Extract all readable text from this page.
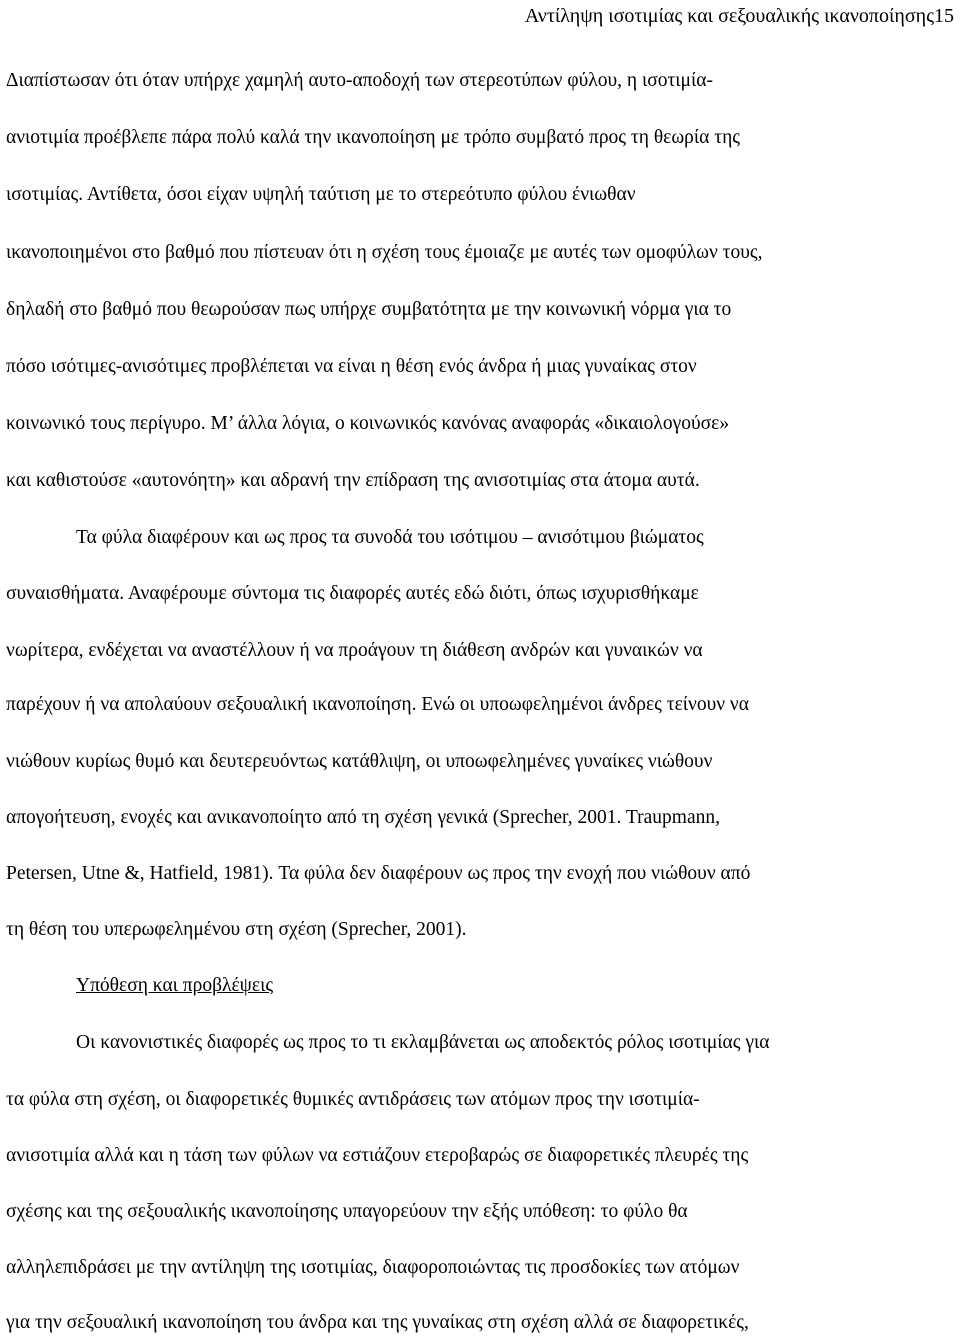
Αντίληψη ισοτιμίας και σεξουαλικής ικανοποίησης15
Διαπίστωσαν ότι όταν υπήρχε χαμηλή αυτο-αποδοχή των στερεοτύπων φύλου, η ισοτιμία-
ανιοτιμία προέβλεπε πάρα πολύ καλά την ικανοποίηση με τρόπο συμβατό προς τη θεωρία της
ισοτιμίας. Αντίθετα, όσοι είχαν υψηλή ταύτιση με το στερεότυπο φύλου ένιωθαν
ικανοποιημένοι στο βαθμό που πίστευαν ότι η σχέση τους έμοιαζε με αυτές των ομοφύλων τους,
δηλαδή στο βαθμό που θεωρούσαν πως υπήρχε συμβατότητα με την κοινωνική νόρμα για το
πόσο ισότιμες-ανισότιμες προβλέπεται να είναι η θέση ενός άνδρα ή μιας γυναίκας στον
κοινωνικό τους περίγυρο. Μ’ άλλα λόγια, ο κοινωνικός κανόνας αναφοράς «δικαιολογούσε»
και καθιστούσε «αυτονόητη» και αδρανή την επίδραση της ανισοτιμίας στα άτομα αυτά.
Τα φύλα διαφέρουν και ως προς τα συνοδά του ισότιμου – ανισότιμου βιώματος
συναισθήματα. Αναφέρουμε σύντομα τις διαφορές αυτές εδώ διότι, όπως ισχυρισθήκαμε
νωρίτερα, ενδέχεται να αναστέλλουν ή να προάγουν τη διάθεση ανδρών και γυναικών να
παρέχουν ή να απολαύουν σεξουαλική ικανοποίηση. Ενώ οι υποωφελημένοι άνδρες τείνουν να
νιώθουν κυρίως θυμό και δευτερευόντως κατάθλιψη, οι υποωφελημένες γυναίκες νιώθουν
απογοήτευση, ενοχές και ανικανοποίητο από τη σχέση γενικά (Sprecher, 2001. Traupmann,
Petersen, Utne &, Hatfield, 1981). Τα φύλα δεν διαφέρουν ως προς την ενοχή που νιώθουν από
τη θέση του υπερωφελημένου στη σχέση (Sprecher, 2001).
Υπόθεση και προβλέψεις
Οι κανονιστικές διαφορές ως προς το τι εκλαμβάνεται ως αποδεκτός ρόλος ισοτιμίας για
τα φύλα στη σχέση, οι διαφορετικές θυμικές αντιδράσεις των ατόμων προς την ισοτιμία-
ανισοτιμία αλλά και η τάση των φύλων να εστιάζουν ετεροβαρώς σε διαφορετικές πλευρές της
σχέσης και της σεξουαλικής ικανοποίησης υπαγορεύουν την εξής υπόθεση: το φύλο θα
αλληλεπιδράσει με την αντίληψη της ισοτιμίας, διαφοροποιώντας τις προσδοκίες των ατόμων
για την σεξουαλική ικανοποίηση του άνδρα και της γυναίκας στη σχέση αλλά σε διαφορετικές,
